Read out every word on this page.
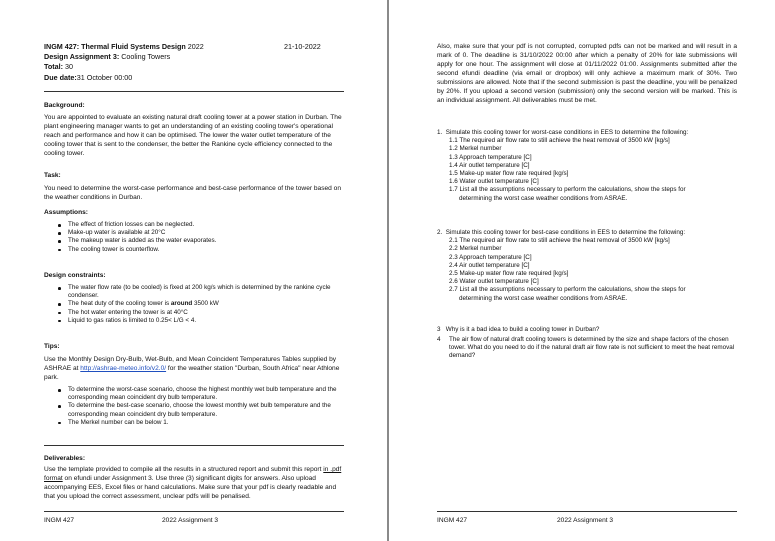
INGM 427: Thermal Fluid Systems Design 2022	21-10-2022
Design Assignment 3: Cooling Towers
Total: 30
Due date:31 October 00:00
Background:
You are appointed to evaluate an existing natural draft cooling tower at a power station in Durban. The plant engineering manager wants to get an understanding of an existing cooling tower's operational reach and performance and how it can be optimised. The lower the water outlet temperature of the cooling tower that is sent to the condenser, the better the Rankine cycle efficiency connected to the cooling tower.
Task:
You need to determine the worst-case performance and best-case performance of the tower based on the weather conditions in Durban.
Assumptions:
The effect of friction losses can be neglected.
Make-up water is available at 20°C
The makeup water is added as the water evaporates.
The cooling tower is counterflow.
Design constraints:
The water flow rate (to be cooled) is fixed at 200 kg/s which is determined by the rankine cycle condenser.
The heat duty of the cooling tower is around 3500 kW
The hot water entering the tower is at 40°C
Liquid to gas ratios is limited to 0.25< L/G < 4.
Tips:
Use the Monthly Design Dry-Bulb, Wet-Bulb, and Mean Coincident Temperatures Tables supplied by ASHRAE at http://ashrae-meteo.info/v2.0/ for the weather station "Durban, South Africa" near Athlone park.
To determine the worst-case scenario, choose the highest monthly wet bulb temperature and the corresponding mean coincident dry bulb temperature.
To determine the best-case scenario, choose the lowest monthly wet bulb temperature and the corresponding mean coincident dry bulb temperature.
The Merkel number can be below 1.
Deliverables:
Use the template provided to compile all the results in a structured report and submit this report in .pdf format on efundi under Assignment 3. Use three (3) significant digits for answers. Also upload accompanying EES, Excel files or hand calculations. Make sure that your pdf is clearly readable and that you upload the correct assessment, unclear pdfs will be penalised.
INGM 427	2022 Assignment 3
Also, make sure that your pdf is not corrupted, corrupted pdfs can not be marked and will result in a mark of 0. The deadline is 31/10/2022 00:00 after which a penalty of 20% for late submissions will apply for one hour. The assignment will close at 01/11/2022 01:00. Assignments submitted after the second efundi deadline (via email or dropbox) will only achieve a maximum mark of 30%. Two submissions are allowed. Note that if the second submission is past the deadline, you will be penalized by 20%. If you upload a second version (submission) only the second version will be marked. This is an individual assignment. All deliverables must be met.
1. Simulate this cooling tower for worst-case conditions in EES to determine the following:
1.1 The required air flow rate to still achieve the heat removal of 3500 kW [kg/s]
1.2 Merkel number
1.3 Approach temperature [C]
1.4 Air outlet temperature [C]
1.5 Make-up water flow rate required [kg/s]
1.6 Water outlet temperature [C]
1.7 List all the assumptions necessary to perform the calculations, show the steps for
determining the worst case weather conditions from ASRAE.
2. Simulate this cooling tower for best-case conditions in EES to determine the following:
2.1 The required air flow rate to still achieve the heat removal of 3500 kW [kg/s]
2.2 Merkel number
2.3 Approach temperature [C]
2.4 Air outlet temperature [C]
2.5 Make-up water flow rate required [kg/s]
2.6 Water outlet temperature [C]
2.7 List all the assumptions necessary to perform the calculations, show the steps for
determining the worst case weather conditions from ASRAE.
3 Why is it a bad idea to build a cooling tower in Durban?
4	The air flow of natural draft cooling towers is determined by the size and shape factors of the chosen tower. What do you need to do if the natural draft air flow rate is not sufficient to meet the heat removal demand?
INGM 427	2022 Assignment 3
